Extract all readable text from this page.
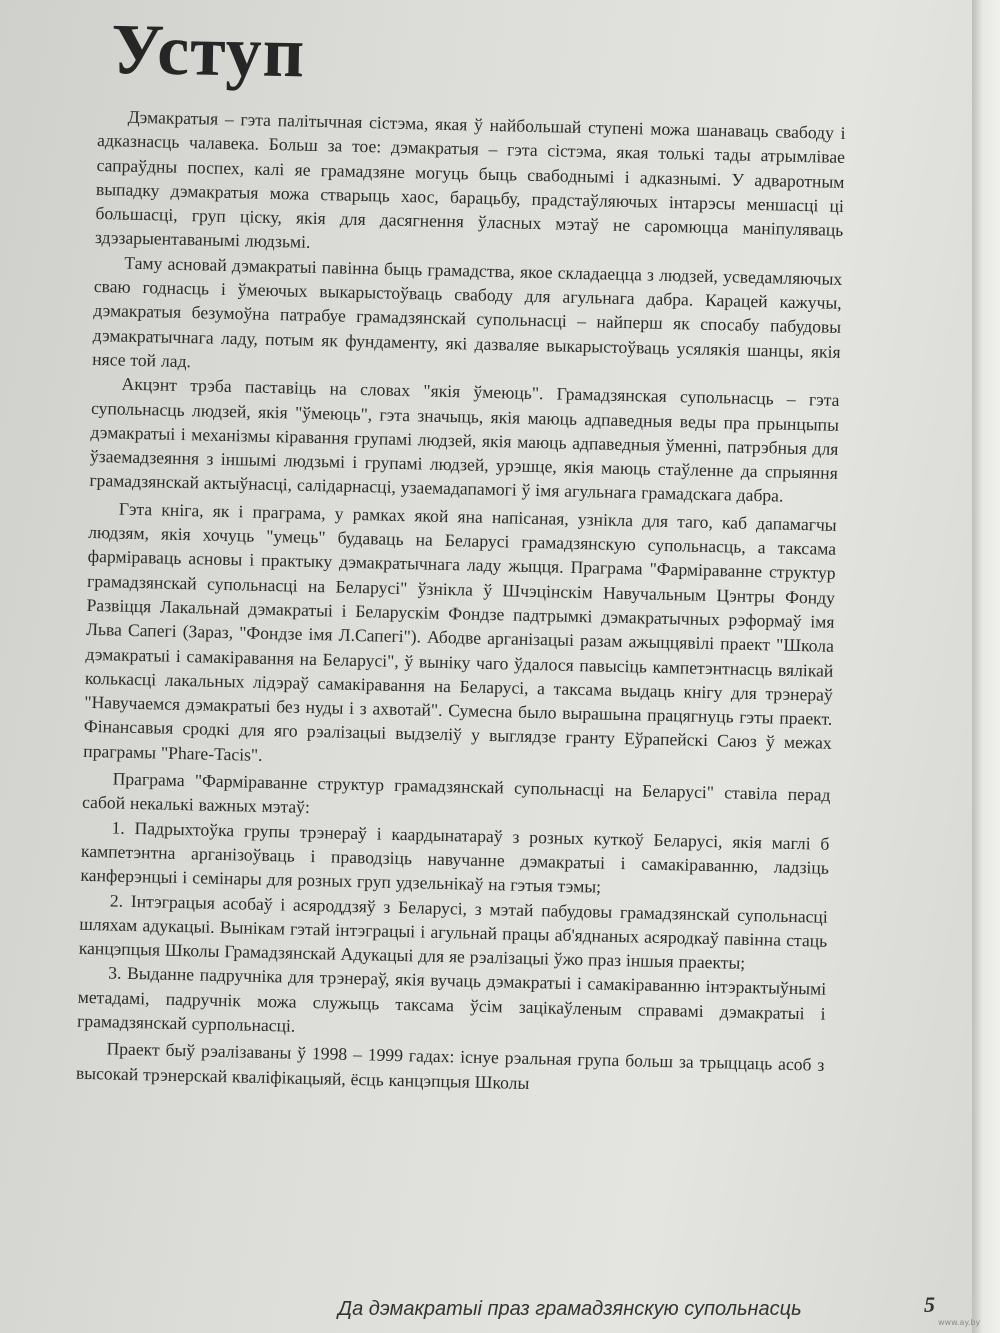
Уступ

Дэмакратыя – гэта палітычная сістэма, якая ў найбольшай ступені можа шанаваць свабоду і адказнасць чалавека. Больш за тое: дэмакратыя – гэта сістэма, якая толькі тады атрымлівае сапраўдны поспех, калі яе грамадзяне могуць быць свабоднымі і адказнымі. У адваротным выпадку дэмакратыя можа стварыць хаос, барацьбу, прадстаўляючых інтарэсы меншасці ці большасці, груп ціску, якія для дасягнення ўласных мэтаў не саромюцца маніпуляваць здэзарыентаванымі людзьмі.

Таму асновай дэмакратыі павінна быць грамадства, якое складаецца з людзей, усведамляючых сваю годнасць і ўмеючых выкарыстоўваць свабоду для агульнага дабра. Карацей кажучы, дэмакратыя безумоўна патрабуе грамадзянскай супольнасці – найперш як спосабу пабудовы дэмакратычнага ладу, потым як фундаменту, які дазваляе выкарыстоўваць усялякія шанцы, якія нясе той лад.

Акцэнт трэба паставіць на словах "якія ўмеюць". Грамадзянская супольнасць – гэта супольнасць людзей, якія "ўмеюць", гэта значыць, якія маюць адпаведныя веды пра прынцыпы дэмакратыі і механізмы кіравання групамі людзей, якія маюць адпаведныя ўменні, патрэбныя для ўзаемадзеяння з іншымі людзьмі і групамі людзей, урэшце, якія маюць стаўленне да спрыяння грамадзянскай актыўнасці, салідарнасці, узаемадапамогі ў імя агульнага грамадскага дабра.

Гэта кніга, як і праграма, у рамках якой яна напісаная, узнікла для таго, каб дапамагчы людзям, якія хочуць "умець" будаваць на Беларусі грамадзянскую супольнасць, а таксама фарміраваць асновы і практыку дэмакратычнага ладу жыцця. Праграма "Фарміраванне структур грамадзянскай супольнасці на Беларусі" ўзнікла ў Шчэцінскім Навучальным Цэнтры Фонду Развіцця Лакальнай дэмакратыі і Беларускім Фондзе падтрымкі дэмакратычных рэформаў імя Льва Сапегі (Зараз, "Фондзе імя Л.Сапегі"). Абодве арганізацыі разам ажыццявілі праект "Школа дэмакратыі і самакіравання на Беларусі", ў выніку чаго ўдалося павысіць кампетэнтнасць вялікай колькасці лакальных лідэраў самакіравання на Беларусі, а таксама выдаць кнігу для трэнераў "Навучаемся дэмакратыі без нуды і з ахвотай". Сумесна было вырашына працягнуць гэты праект. Фінансавыя сродкі для яго рэалізацыі выдзеліў у выглядзе гранту Еўрапейскі Саюз ў межах праграмы "Phare-Tacis".

Праграма "Фарміраванне структур грамадзянскай супольнасці на Беларусі" ставіла перад сабой некалькі важных мэтаў:

1. Падрыхтоўка групы трэнераў і каардынатараў з розных куткоў Беларусі, якія маглі б кампетэнтна арганізоўваць і праводзіць навучанне дэмакратыі і самакіраванню, ладзіць канферэнцыі і семінары для розных груп удзельнікаў на гэтыя тэмы;

2. Інтэграцыя асобаў і асяроддзяў з Беларусі, з мэтай пабудовы грамадзянскай супольнасці шляхам адукацыі. Вынікам гэтай інтэграцыі і агульнай працы аб'яднаных асяродкаў павінна стаць канцэпцыя Школы Грамадзянскай Адукацыі для яе рэалізацыі ўжо праз іншыя праекты;

3. Выданне падручніка для трэнераў, якія вучаць дэмакратыі і самакіраванню інтэрактыўнымі метадамі, падручнік можа служыць таксама ўсім зацікаўленым справамі дэмакратыі і грамадзянскай сурпольнасці.

Праект быў рэалізаваны ў 1998 – 1999 гадах: існуе рэальная група больш за трыццаць асоб з высокай трэнерскай кваліфікацыяй, ёсць канцэпцыя Школы

Да дэмакратыі праз грамадзянскую супольнасць	5
www.ay.by
